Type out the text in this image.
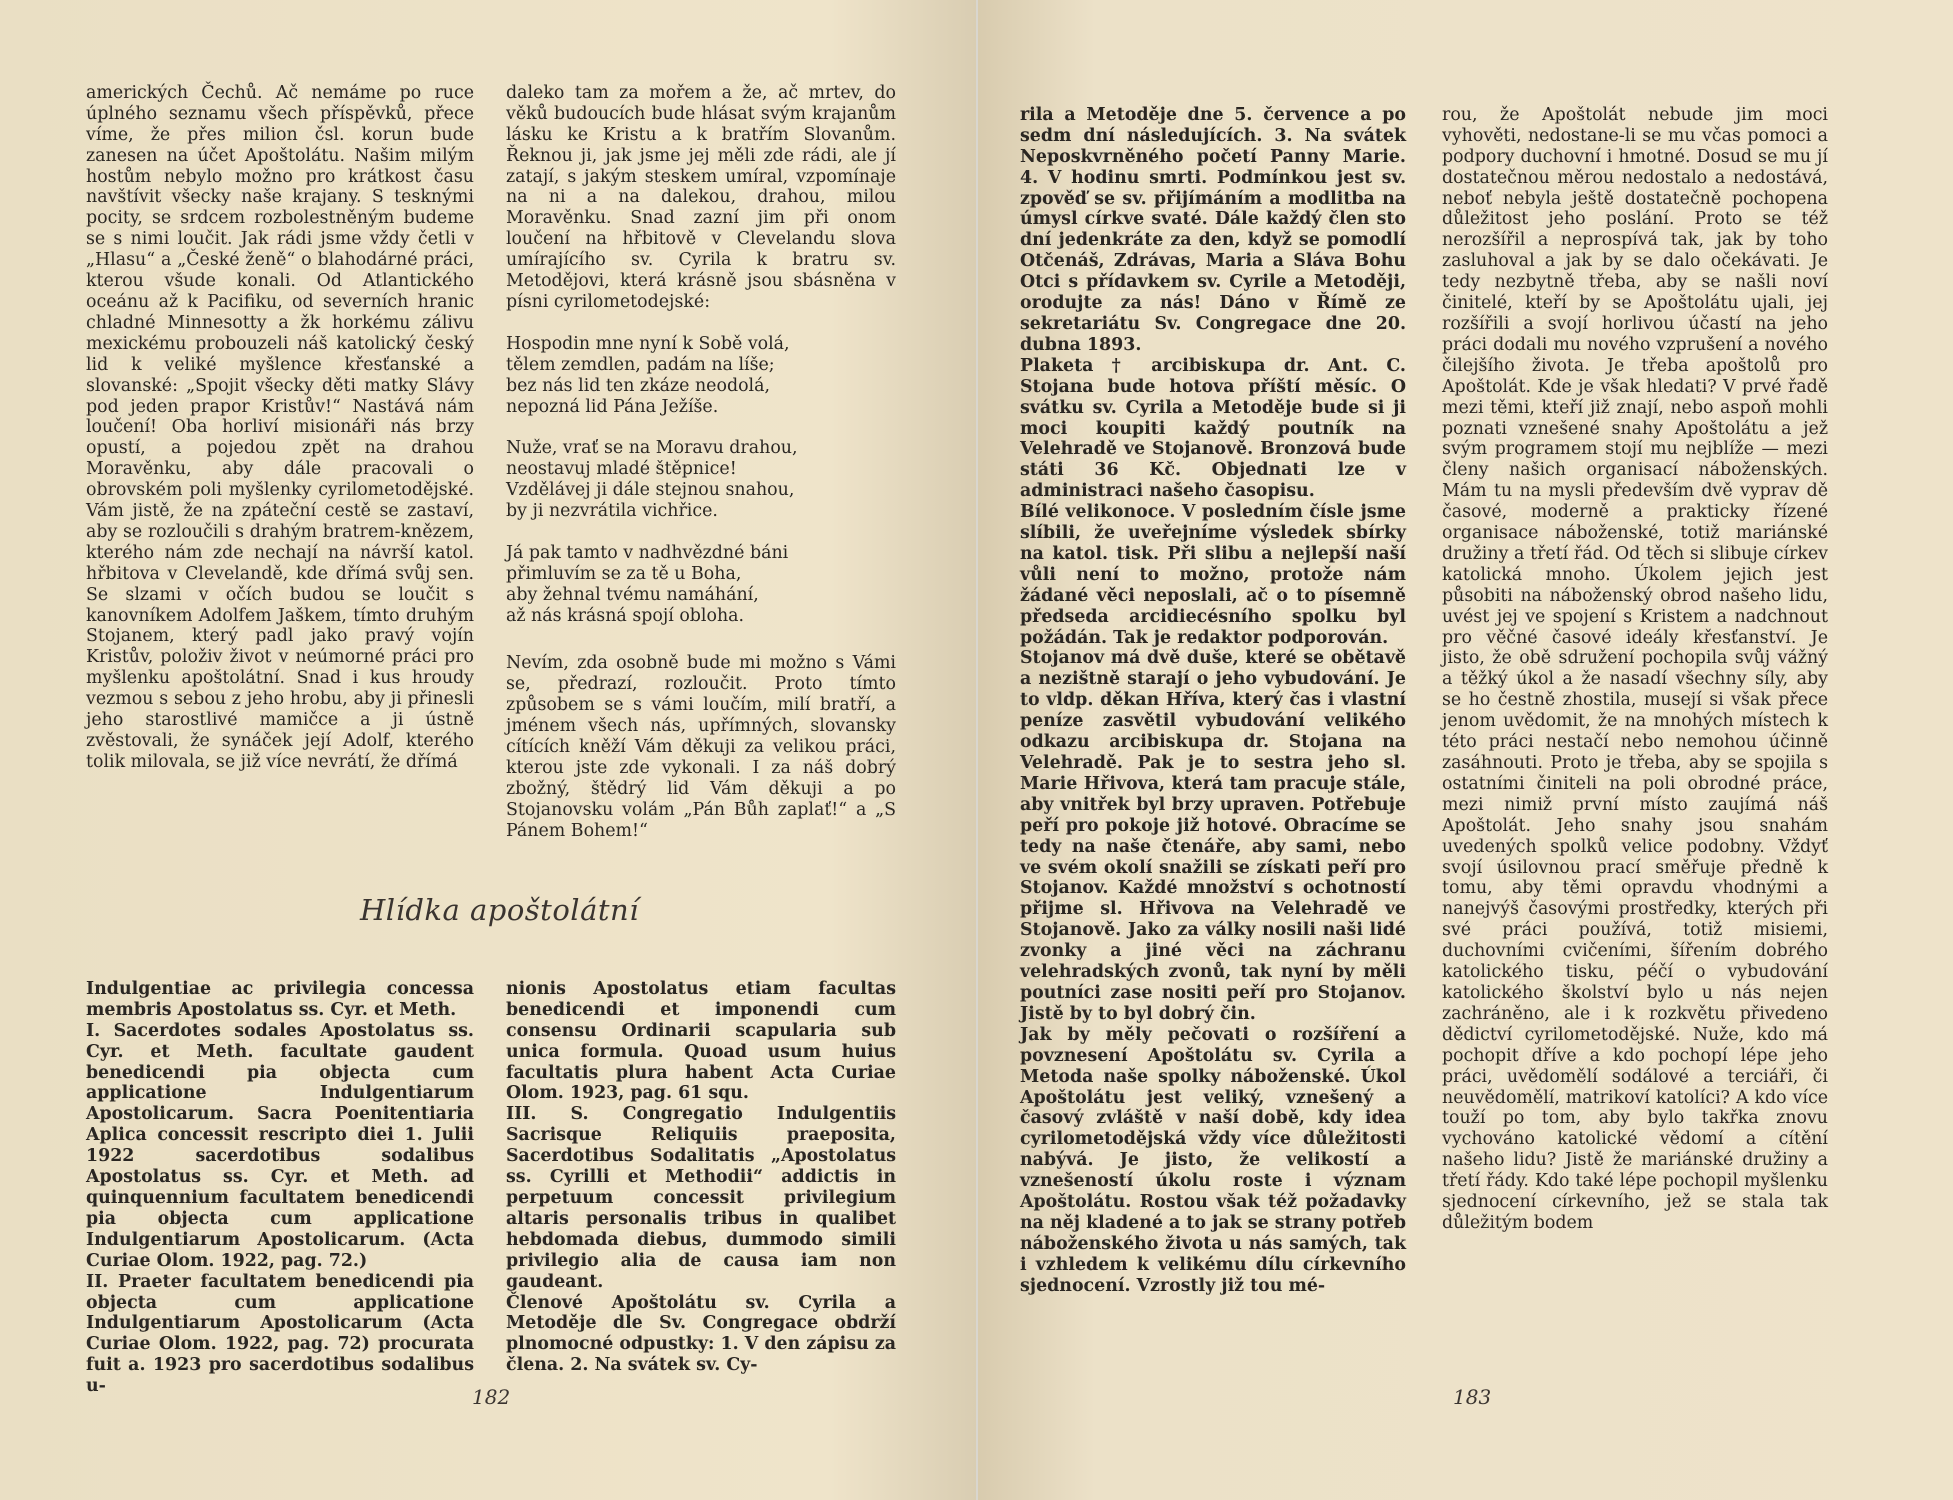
amerických Čechů. Ač nemáme po ruce úplného seznamu všech příspěvků, přece víme, že přes milion čsl. korun bude zanesen na účet Apoštolátu. Našim milým hostům nebylo možno pro krátkost času navštívit všecky naše krajany. S tesknými pocity, se srdcem rozbolestněným budeme se s nimi loučit. Jak rádi jsme vždy četli v „Hlasu“ a „České ženě“ o blahodárné práci, kterou všude konali. Od Atlantického oceánu až k Pacifiku, od severních hranic chladné Minnesotty a žk horkému zálivu mexickému probouzeli náš katolický český lid k veliké myšlence křesťanské a slovanské: „Spojit všecky děti matky Slávy pod jeden prapor Kristův!“ Nastává nám loučení! Oba horliví misionáři nás brzy opustí, a pojedou zpět na drahou Moravěnku, aby dále pracovali o obrovském poli myšlenky cyrilometodějské. Vám jistě, že na zpáteční cestě se zastaví, aby se rozloučili s drahým bratrem-knězem, kterého nám zde nechají na návrší katol. hřbitova v Clevelandě, kde dřímá svůj sen. Se slzami v očích budou se loučit s kanovníkem Adolfem Jaškem, tímto druhým Stojanem, který padl jako pravý vojín Kristův, položiv život v neúmorné práci pro myšlenku apoštolátní. Snad i kus hroudy vezmou s sebou z jeho hrobu, aby ji přinesli jeho starostlivé mamičce a ji ústně zvěstovali, že synáček její Adolf, kterého tolik milovala, se již více nevrátí, že dřímá

daleko tam za mořem a že, ač mrtev, do věků budoucích bude hlásat svým krajanům lásku ke Kristu a k bratřím Slovanům. Řeknou ji, jak jsme jej měli zde rádi, ale jí zatají, s jakým steskem umíral, vzpomínaje na ni a na dalekou, drahou, milou Moravěnku. Snad zazní jim při onom loučení na hřbitově v Clevelandu slova umírajícího sv. Cyrila k bratru sv. Metodějovi, která krásně jsou sbásněna v písni cyrilometodejské:

Hospodin mne nyní k Sobě volá,
tělem zemdlen, padám na líše;
bez nás lid ten zkáze neodolá,
nepozná lid Pána Ježíše.

Nuže, vrať se na Moravu drahou,
neostavuj mladé štěpnice!
Vzdělávej ji dále stejnou snahou,
by ji nezvrátila vichřice.

Já pak tamto v nadhvězdné báni
přimluvím se za tě u Boha,
aby žehnal tvému namáhání,
až nás krásná spojí obloha.

Nevím, zda osobně bude mi možno s Vámi se, předrazí, rozloučit. Proto tímto způsobem se s vámi loučím, milí bratří, a jménem všech nás, upřímných, slovansky cítících kněží Vám děkuji za velikou práci, kterou jste zde vykonali. I za náš dobrý zbožný, štědrý lid Vám děkuji a po Stojanovsku volám „Pán Bůh zaplať!“ a „S Pánem Bohem!“

Hlídka apoštolátní

Indulgentiae ac privilegia concessa membris Apostolatus ss. Cyr. et Meth.
I. Sacerdotes sodales Apostolatus ss. Cyr. et Meth. facultate gaudent benedicendi pia objecta cum applicatione Indulgentiarum Apostolicarum. Sacra Poenitentiaria Aplica concessit rescripto diei 1. Julii 1922 sacerdotibus sodalibus Apostolatus ss. Cyr. et Meth. ad quinquennium facultatem benedicendi pia objecta cum applicatione Indulgentiarum Apostolicarum. (Acta Curiae Olom. 1922, pag. 72.)
II. Praeter facultatem benedicendi pia objecta cum applicatione Indulgentiarum Apostolicarum (Acta Curiae Olom. 1922, pag. 72) procurata fuit a. 1923 pro sacerdotibus sodalibus u-

nionis Apostolatus etiam facultas benedicendi et imponendi cum consensu Ordinarii scapularia sub unica formula. Quoad usum huius facultatis plura habent Acta Curiae Olom. 1923, pag. 61 squ.
III. S. Congregatio Indulgentiis Sacrisque Reliquiis praeposita, Sacerdotibus Sodalitatis „Apostolatus ss. Cyrilli et Methodii“ addictis in perpetuum concessit privilegium altaris personalis tribus in qualibet hebdomada diebus, dummodo simili privilegio alia de causa iam non gaudeant.
Členové Apoštolátu sv. Cyrila a Metoděje dle Sv. Congregace obdrží plnomocné odpustky: 1. V den zápisu za člena. 2. Na svátek sv. Cy-

182

rila a Metoděje dne 5. července a po sedm dní následujících. 3. Na svátek Neposkvrněného početí Panny Marie. 4. V hodinu smrti. Podmínkou jest sv. zpověď se sv. přijímáním a modlitba na úmysl církve svaté. Dále každý člen sto dní jedenkráte za den, když se pomodlí Otčenáš, Zdrávas, Maria a Sláva Bohu Otci s přídavkem sv. Cyrile a Metoději, orodujte za nás! Dáno v Římě ze sekretariátu Sv. Congregace dne 20. dubna 1893.
Plaketa † arcibiskupa dr. Ant. C. Stojana bude hotova příští měsíc. O svátku sv. Cyrila a Metoděje bude si ji moci koupiti každý poutník na Velehradě ve Stojanově. Bronzová bude státi 36 Kč. Objednati lze v administraci našeho časopisu.
Bílé velikonoce. V posledním čísle jsme slíbili, že uveřejníme výsledek sbírky na katol. tisk. Při slibu a nejlepší naší vůli není to možno, protože nám žádané věci neposlali, ač o to písemně předseda arcidiecésního spolku byl požádán. Tak je redaktor podporován.
Stojanov má dvě duše, které se obětavě a nezištně starají o jeho vybudování. Je to vldp. děkan Hříva, který čas i vlastní peníze zasvětil vybudování velikého odkazu arcibiskupa dr. Stojana na Velehradě. Pak je to sestra jeho sl. Marie Hřivova, která tam pracuje stále, aby vnitřek byl brzy upraven. Potřebuje peří pro pokoje již hotové. Obracíme se tedy na naše čtenáře, aby sami, nebo ve svém okolí snažili se získati peří pro Stojanov. Každé množství s ochotností přijme sl. Hřivova na Velehradě ve Stojanově. Jako za války nosili naši lidé zvonky a jiné věci na záchranu velehradských zvonů, tak nyní by měli poutníci zase nositi peří pro Stojanov. Jistě by to byl dobrý čin.
Jak by měly pečovati o rozšíření a povznesení Apoštolátu sv. Cyrila a Metoda naše spolky náboženské. Úkol Apoštolátu jest veliký, vznešený a časový zvláště v naší době, kdy idea cyrilometodějská vždy více důležitosti nabývá. Je jisto, že velikostí a vznešeností úkolu roste i význam Apoštolátu. Rostou však též požadavky na něj kladené a to jak se strany potřeb náboženského života u nás samých, tak i vzhledem k velikému dílu církevního sjednocení. Vzrostly již tou mé-

rou, že Apoštolát nebude jim moci vyhověti, nedostane-li se mu včas pomoci a podpory duchovní i hmotné. Dosud se mu jí dostatečnou měrou nedostalo a nedostává, neboť nebyla ještě dostatečně pochopena důležitost jeho poslání. Proto se též nerozšířil a neprospívá tak, jak by toho zasluhoval a jak by se dalo očekávati. Je tedy nezbytně třeba, aby se našli noví činitelé, kteří by se Apoštolátu ujali, jej rozšířili a svojí horlivou účastí na jeho práci dodali mu nového vzprušení a nového čilejšího života. Je třeba apoštolů pro Apoštolát. Kde je však hledati? V prvé řadě mezi těmi, kteří již znají, nebo aspoň mohli poznati vznešené snahy Apoštolátu a jež svým programem stojí mu nejblíže — mezi členy našich organisací náboženských. Mám tu na mysli především dvě vyprav dě časové, moderně a prakticky řízené organisace náboženské, totiž mariánské družiny a třetí řád. Od těch si slibuje církev katolická mnoho. Úkolem jejich jest působiti na náboženský obrod našeho lidu, uvést jej ve spojení s Kristem a nadchnout pro věčné časové ideály křesťanství. Je jisto, že obě sdružení pochopila svůj vážný a těžký úkol a že nasadí všechny síly, aby se ho čestně zhostila, musejí si však přece jenom uvědomit, že na mnohých místech k této práci nestačí nebo nemohou účinně zasáhnouti. Proto je třeba, aby se spojila s ostatními činiteli na poli obrodné práce, mezi nimiž první místo zaujímá náš Apoštolát. Jeho snahy jsou snahám uvedených spolků velice podobny. Vždyť svojí úsilovnou prací směřuje předně k tomu, aby těmi opravdu vhodnými a nanejvýš časovými prostředky, kterých při své práci používá, totiž misiemi, duchovními cvičeními, šířením dobrého katolického tisku, péčí o vybudování katolického školství bylo u nás nejen zachráněno, ale i k rozkvětu přivedeno dědictví cyrilometodějské. Nuže, kdo má pochopit dříve a kdo pochopí lépe jeho práci, uvědomělí sodálové a terciáři, či neuvědomělí, matrikoví katolíci? A kdo více touží po tom, aby bylo takřka znovu vychováno katolické vědomí a cítění našeho lidu? Jistě že mariánské družiny a třetí řády. Kdo také lépe pochopil myšlenku sjednocení církevního, jež se stala tak důležitým bodem

183
